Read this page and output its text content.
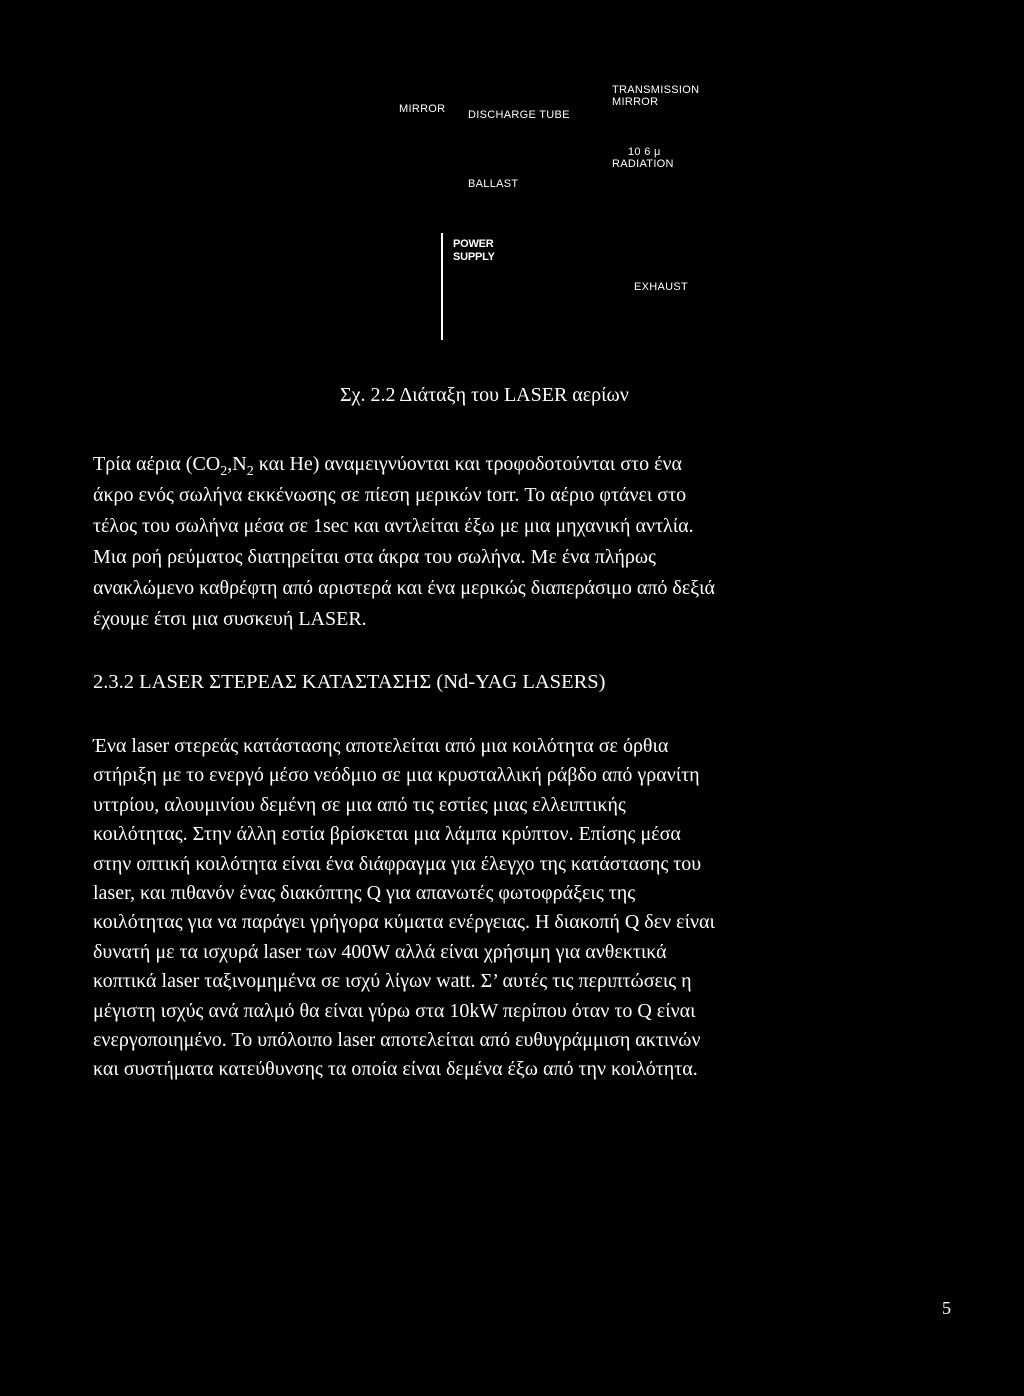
MIRROR DISCHARGE TUBE
TRANSMISSION
MIRROR
10 6 μ
RADIATION
BALLAST
POWER
SUPPLY
EXHAUST
Σχ. 2.2 Διάταξη του LASER αερίων
Τρία αέρια ($CO_2,N_2$ και He) αναμειγνύονται και τροφοδοτούνται στο ένα
άκρο ενός σωλήνα εκκένωσης σε πίεση μερικών torr. Το αέριο φτάνει στο
τέλος του σωλήνα μέσα σε 1sec και αντλείται έξω με μια μηχανική αντλία.
Μια ροή ρεύματος διατηρείται στα άκρα του σωλήνα. Με ένα πλήρως
ανακλώμενο καθρέφτη από αριστερά και ένα μερικώς διαπεράσιμο από δεξιά
έχουμε έτσι μια συσκευή LASER.
2.3.2 LASER ΣΤΕΡΕΑΣ ΚΑΤΑΣΤΑΣΗΣ (Nd-YAG LASERS)
Ένα laser στερεάς κατάστασης αποτελείται από μια κοιλότητα σε όρθια
στήριξη με το ενεργό μέσο νεόδμιο σε μια κρυσταλλική ράβδο από γρανίτη
υττρίου, αλουμινίου δεμένη σε μια από τις εστίες μιας ελλειπτικής
κοιλότητας. Στην άλλη εστία βρίσκεται μια λάμπα κρύπτον. Επίσης μέσα
στην οπτική κοιλότητα είναι ένα διάφραγμα για έλεγχο της κατάστασης του
laser, και πιθανόν ένας διακόπτης Q για απανωτές φωτοφράξεις της
κοιλότητας για να παράγει γρήγορα κύματα ενέργειας. Η διακοπή Q δεν είναι
δυνατή με τα ισχυρά laser των 400W αλλά είναι χρήσιμη για ανθεκτικά
κοπτικά laser ταξινομημένα σε ισχύ λίγων watt. Σ’ αυτές τις περιπτώσεις η
μέγιστη ισχύς ανά παλμό θα είναι γύρω στα 10kW περίπου όταν το Q είναι
ενεργοποιημένο. Το υπόλοιπο laser αποτελείται από ευθυγράμμιση ακτινών
και συστήματα κατεύθυνσης τα οποία είναι δεμένα έξω από την κοιλότητα.
5
